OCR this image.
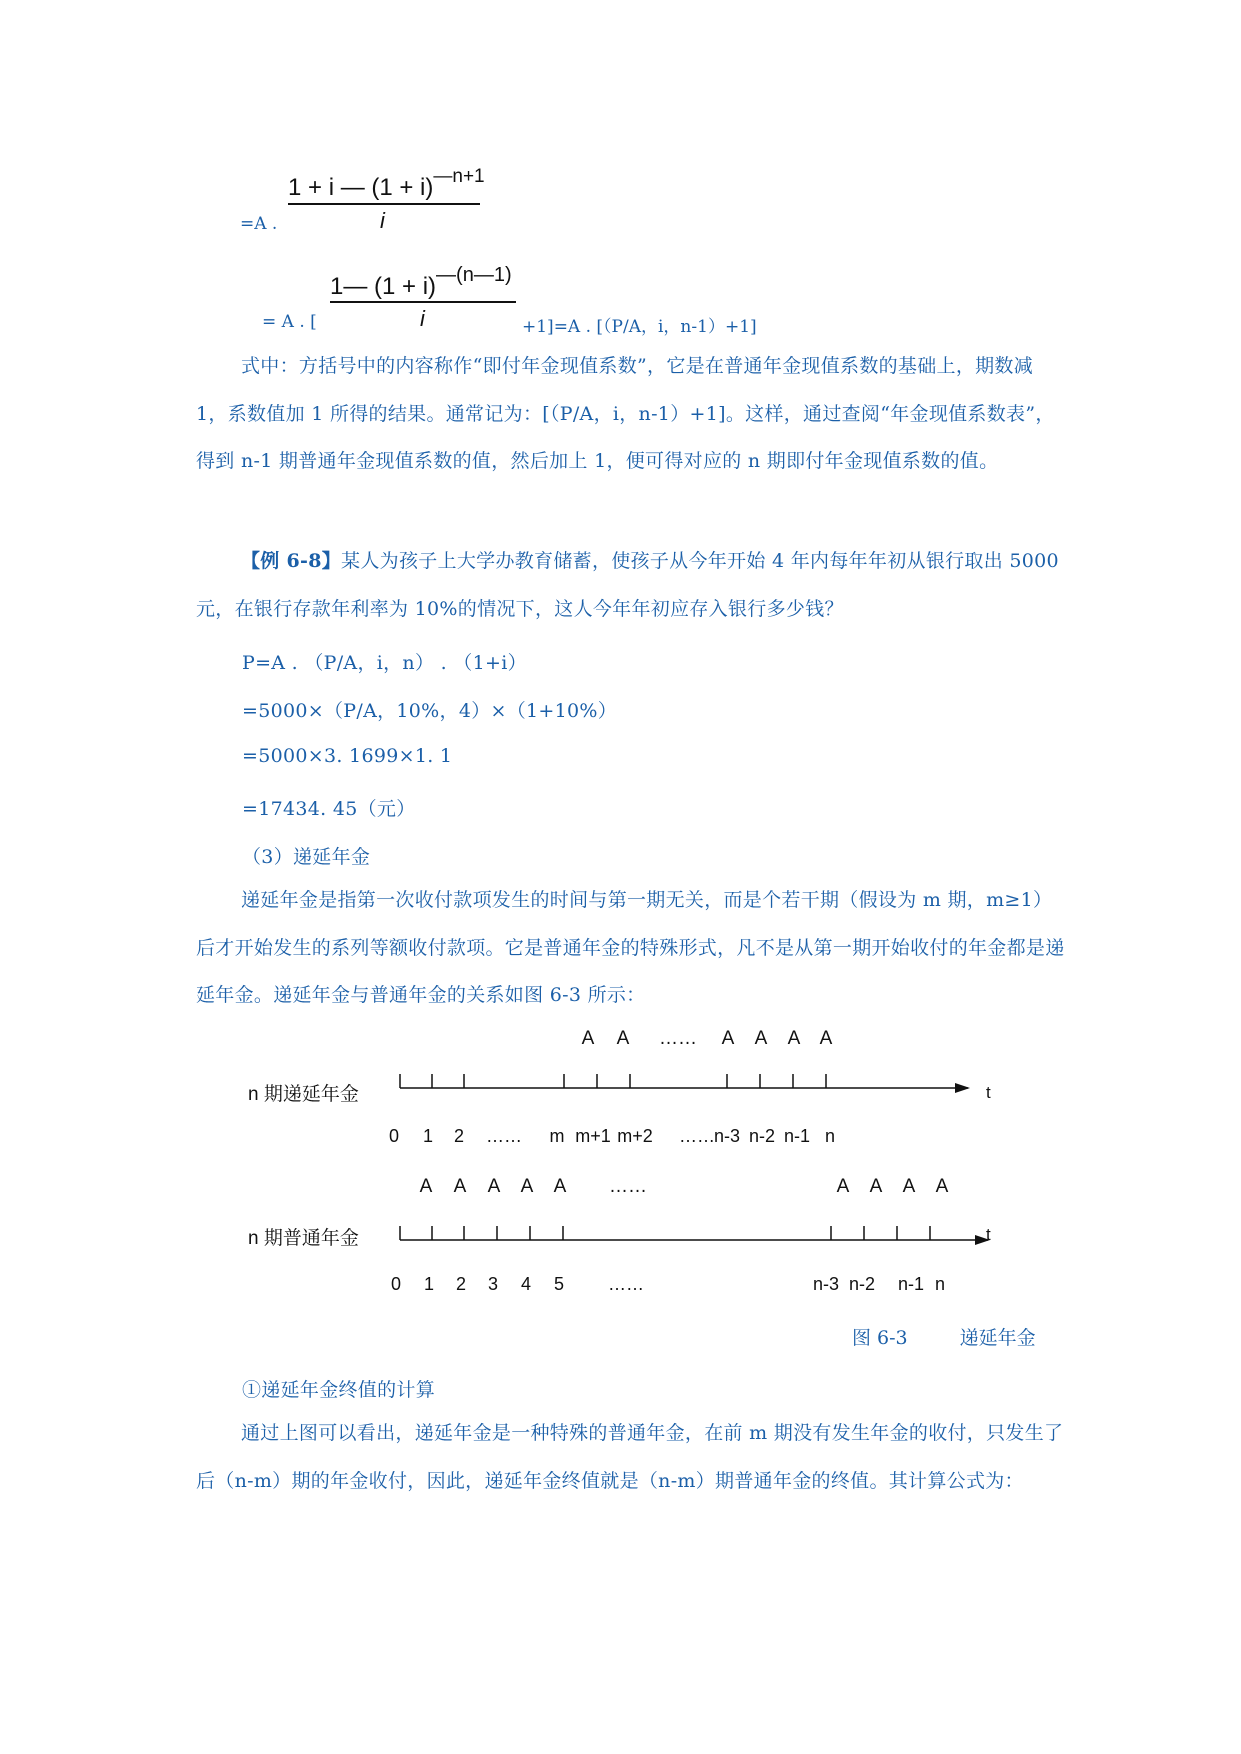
1 + i — $(1 + i)^{—n+1}$
i
=A .
1— $(1 + i)^{—(n—1)}$
i
= A . [	+1]=A . [（P/A，i，n-1）+1]
式中：方括号中的内容称作“即付年金现值系数”，它是在普通年金现值系数的基础上，期数减 1，系数值加 1 所得的结果。通常记为：[（P/A，i，n-1）+1]。这样，通过查阅“年金现值系数表”，得到 n-1 期普通年金现值系数的值，然后加上 1，便可得对应的 n 期即付年金现值系数的值。
【例 6-8】某人为孩子上大学办教育储蓄，使孩子从今年开始 4 年内每年年初从银行取出 5000 元，在银行存款年利率为 10%的情况下，这人今年年初应存入银行多少钱？
P=A . （P/A，i，n） . （1+i）
=5000×（P/A，10%，4）×（1+10%）
=5000×3. 1699×1. 1
=17434. 45（元）
（3）递延年金
递延年金是指第一次收付款项发生的时间与第一期无关，而是个若干期（假设为 m 期，m≥1）后才开始发生的系列等额收付款项。它是普通年金的特殊形式，凡不是从第一期开始收付的年金都是递延年金。递延年金与普通年金的关系如图 6-3 所示：
n 期递延年金	t
A A …… A A A A
0 1 2 …… m m+1 m+2 ……
n-3 n-2 n-1 n
n 期普通年金	t
A A A A A ……	A A A A
0 1 2 3 4 5 ……	n-3 n-2 n-1 n
图 6-3	递延年金
①递延年金终值的计算
通过上图可以看出，递延年金是一种特殊的普通年金，在前 m 期没有发生年金的收付，只发生了后（n-m）期的年金收付，因此，递延年金终值就是（n-m）期普通年金的终值。其计算公式为：
